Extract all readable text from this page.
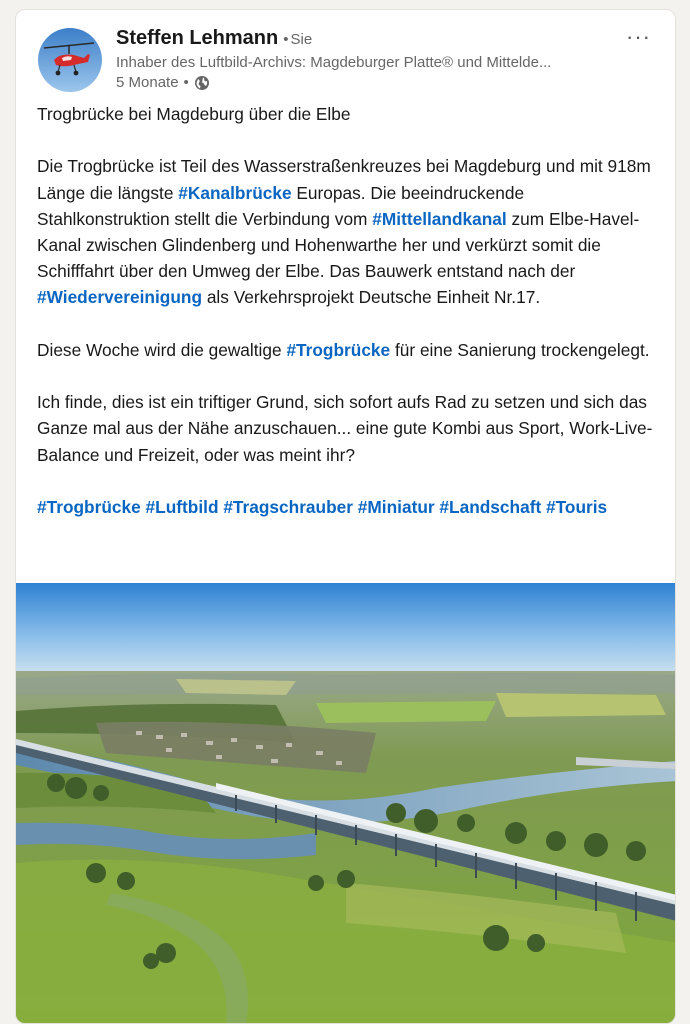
Steffen Lehmann • Sie
Inhaber des Luftbild-Archivs: Magdeburger Platte® und Mittelde...
5 Monate •
···

Trogbrücke bei Magdeburg über die Elbe

Die Trogbrücke ist Teil des Wasserstraßenkreuzes bei Magdeburg und mit 918m Länge die längste #Kanalbrücke Europas. Die beeindruckende Stahlkonstruktion stellt die Verbindung vom #Mittellandkanal zum Elbe-Havel-Kanal zwischen Glindenberg und Hohenwarthe her und verkürzt somit die Schifffahrt über den Umweg der Elbe. Das Bauwerk entstand nach der #Wiedervereinigung als Verkehrsprojekt Deutsche Einheit Nr.17.

Diese Woche wird die gewaltige #Trogbrücke für eine Sanierung trockengelegt.

Ich finde, dies ist ein triftiger Grund, sich sofort aufs Rad zu setzen und sich das Ganze mal aus der Nähe anzuschauen... eine gute Kombi aus Sport, Work-Live-Balance und Freizeit, oder was meint ihr?

#Trogbrücke #Luftbild #Tragschrauber #Miniatur #Landschaft #Touris
